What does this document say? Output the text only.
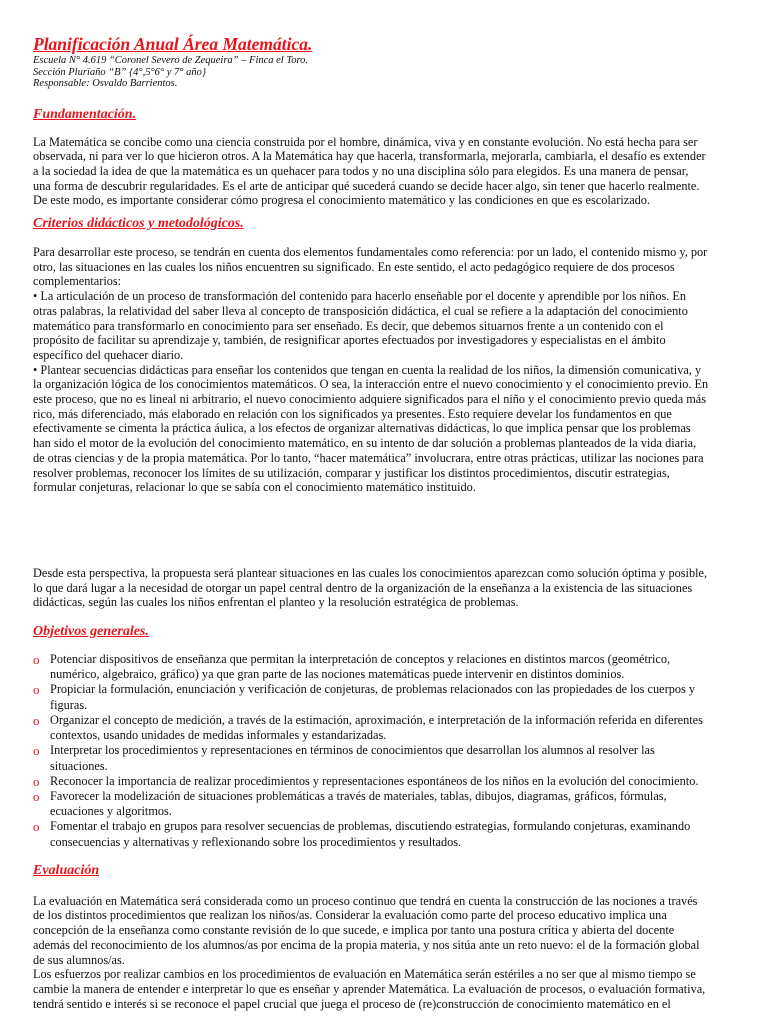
Planificación Anual Área Matemática.

Escuela N° 4.619 “Coronel Severo de Zequeira” – Finca el Toro.

Sección Plurïaño “B” {4°,5°6° y 7° año}

Responsable: Osvaldo Barrientos.

Fundamentación.

La Matemática se concibe como una ciencia construida por el hombre, dinámica, viva y en constante evolución. No está hecha para ser

observada, ni para ver lo que hicieron otros. A la Matemática hay que hacerla, transformarla, mejorarla, cambiarla, el desafío es extender

a la sociedad la idea de que la matemática es un quehacer para todos y no una disciplina sólo para elegidos. Es una manera de pensar,

una forma de descubrir regularidades. Es el arte de anticipar qué sucederá cuando se decide hacer algo, sin tener que hacerlo realmente.

De este modo, es importante considerar cómo progresa el conocimiento matemático y las condiciones en que es escolarizado.

Criterios didácticos y metodológicos.

Para desarrollar este proceso, se tendrán en cuenta dos elementos fundamentales como referencia: por un lado, el contenido mismo y, por

otro, las situaciones en las cuales los niños encuentren su significado. En este sentido, el acto pedagógico requiere de dos procesos

complementarios:

• La articulación de un proceso de transformación del contenido para hacerlo enseñable por el docente y aprendible por los niños. En

otras palabras, la relatividad del saber lleva al concepto de transposición didáctica, el cual se refiere a la adaptación del conocimiento

matemático para transformarlo en conocimiento para ser enseñado. Es decir, que debemos situarnos frente a un contenido con el

propósito de facilitar su aprendizaje y, también, de resignificar aportes efectuados por investigadores y especialistas en el ámbito

específico del quehacer diario.

• Plantear secuencias didácticas para enseñar los contenidos que tengan en cuenta la realidad de los niños, la dimensión comunicativa, y

la organización lógica de los conocimientos matemáticos. O sea, la interacción entre el nuevo conocimiento y el conocimiento previo. En

este proceso, que no es lineal ni arbitrario, el nuevo conocimiento adquiere significados para el niño y el conocimiento previo queda más

rico, más diferenciado, más elaborado en relación con los significados ya presentes. Esto requiere develar los fundamentos en que

efectivamente se cimenta la práctica áulica, a los efectos de organizar alternativas didácticas, lo que implica pensar que los problemas

han sido el motor de la evolución del conocimiento matemático, en su intento de dar solución a problemas planteados de la vida diaria,

de otras ciencias y de la propia matemática. Por lo tanto, “hacer matemática” involucrara, entre otras prácticas, utilizar las nociones para

resolver problemas, reconocer los límites de su utilización, comparar y justificar los distintos procedimientos, discutir estrategias,

formular conjeturas, relacionar lo que se sabía con el conocimiento matemático instituido.

Desde esta perspectiva, la propuesta será plantear situaciones en las cuales los conocimientos aparezcan como solución óptima y posible,

lo que dará lugar a la necesidad de otorgar un papel central dentro de la organización de la enseñanza a la existencia de las situaciones

didácticas, según las cuales los niños enfrentan el planteo y la resolución estratégica de problemas.

Objetivos generales.
o Potenciar dispositivos de enseñanza que permitan la interpretación de conceptos y relaciones en distintos marcos (geométrico,
numérico, algebraico, gráfico) ya que gran parte de las nociones matemáticas puede intervenir en distintos dominios.
o Propiciar la formulación, enunciación y verificación de conjeturas, de problemas relacionados con las propiedades de los cuerpos y
figuras.
o Organizar el concepto de medición, a través de la estimación, aproximación, e interpretación de la información referida en diferentes
contextos, usando unidades de medidas informales y estandarizadas.
o Interpretar los procedimientos y representaciones en términos de conocimientos que desarrollan los alumnos al resolver las
situaciones.
o Reconocer la importancia de realizar procedimientos y representaciones espontáneos de los niños en la evolución del conocimiento.
o Favorecer la modelización de situaciones problemáticas a través de materiales, tablas, dibujos, diagramas, gráficos, fórmulas,
ecuaciones y algoritmos.
o Fomentar el trabajo en grupos para resolver secuencias de problemas, discutiendo estrategias, formulando conjeturas, examinando
consecuencias y alternativas y reflexionando sobre los procedimientos y resultados.
Evaluación

La evaluación en Matemática será considerada como un proceso continuo que tendrá en cuenta la construcción de las nociones a través

de los distintos procedimientos que realizan los niños/as. Considerar la evaluación como parte del proceso educativo implica una

concepción de la enseñanza como constante revisión de lo que sucede, e implica por tanto una postura crítica y abierta del docente

además del reconocimiento de los alumnos/as por encima de la propia materia, y nos sitúa ante un reto nuevo: el de la formación global

de sus alumnos/as.

Los esfuerzos por realizar cambios en los procedimientos de evaluación en Matemática serán estériles a no ser que al mismo tiempo se

cambie la manera de entender e interpretar lo que es enseñar y aprender Matemática. La evaluación de procesos, o evaluación formativa,

tendrá sentido e interés si se reconoce el papel crucial que juega el proceso de (re)construcción de conocimiento matemático en el
